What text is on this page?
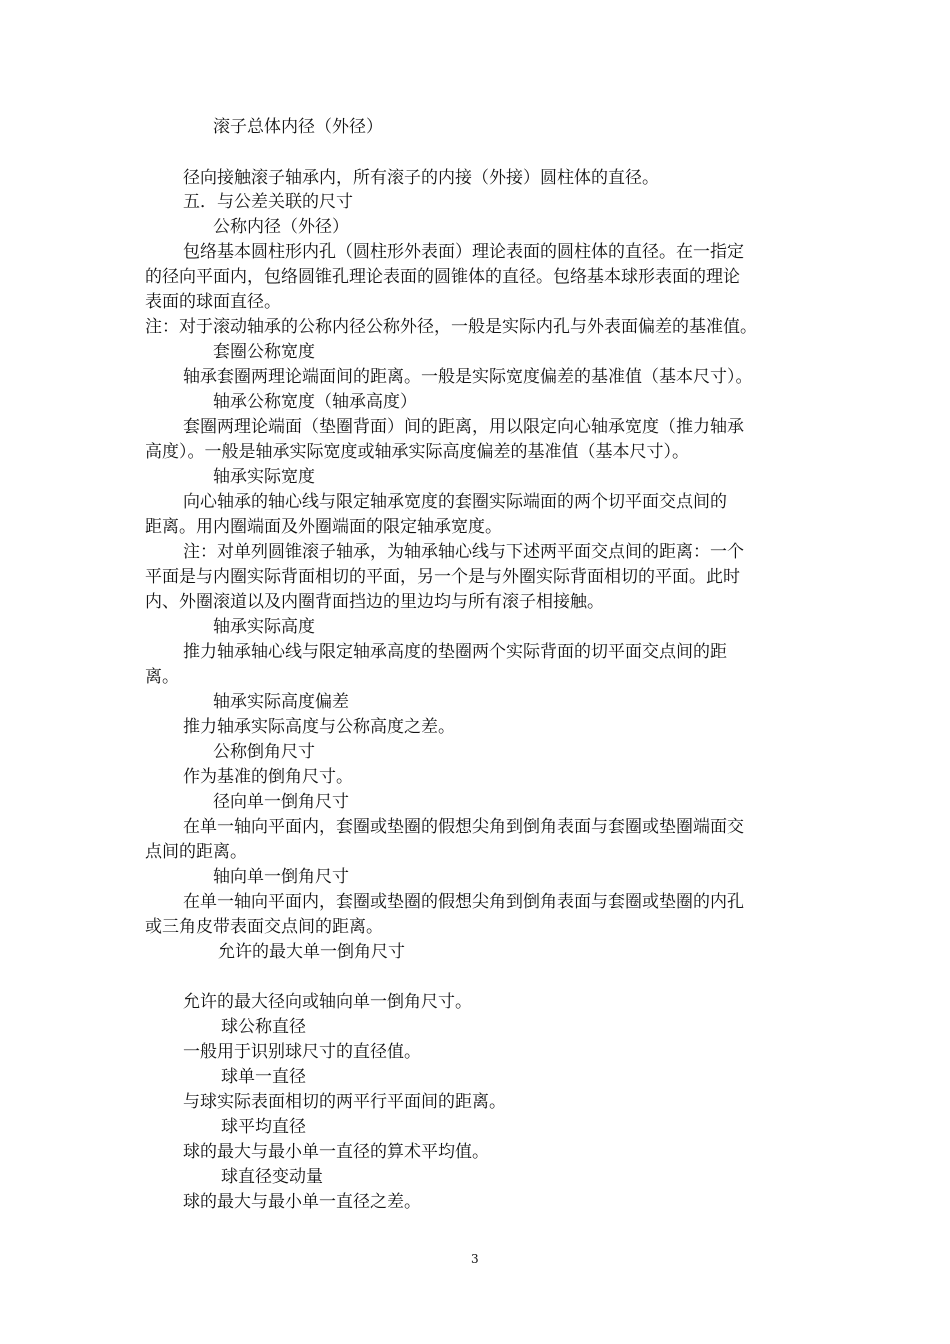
滚子总体内径（外径）
径向接触滚子轴承内，所有滚子的内接（外接）圆柱体的直径。
五．与公差关联的尺寸
公称内径（外径）
包络基本圆柱形内孔（圆柱形外表面）理论表面的圆柱体的直径。在一指定
的径向平面内，包络圆锥孔理论表面的圆锥体的直径。包络基本球形表面的理论
表面的球面直径。
注：对于滚动轴承的公称内径公称外径，一般是实际内孔与外表面偏差的基准值。
套圈公称宽度
轴承套圈两理论端面间的距离。一般是实际宽度偏差的基准值（基本尺寸）。
轴承公称宽度（轴承高度）
套圈两理论端面（垫圈背面）间的距离，用以限定向心轴承宽度（推力轴承
高度）。一般是轴承实际宽度或轴承实际高度偏差的基准值（基本尺寸）。
轴承实际宽度
向心轴承的轴心线与限定轴承宽度的套圈实际端面的两个切平面交点间的
距离。用内圈端面及外圈端面的限定轴承宽度。
注：对单列圆锥滚子轴承，为轴承轴心线与下述两平面交点间的距离：一个
平面是与内圈实际背面相切的平面，另一个是与外圈实际背面相切的平面。此时
内、外圈滚道以及内圈背面挡边的里边均与所有滚子相接触。
轴承实际高度
推力轴承轴心线与限定轴承高度的垫圈两个实际背面的切平面交点间的距
离。
轴承实际高度偏差
推力轴承实际高度与公称高度之差。
公称倒角尺寸
作为基准的倒角尺寸。
径向单一倒角尺寸
在单一轴向平面内，套圈或垫圈的假想尖角到倒角表面与套圈或垫圈端面交
点间的距离。
轴向单一倒角尺寸
在单一轴向平面内，套圈或垫圈的假想尖角到倒角表面与套圈或垫圈的内孔
或三角皮带表面交点间的距离。
允许的最大单一倒角尺寸
允许的最大径向或轴向单一倒角尺寸。
球公称直径
一般用于识别球尺寸的直径值。
球单一直径
与球实际表面相切的两平行平面间的距离。
球平均直径
球的最大与最小单一直径的算术平均值。
球直径变动量
球的最大与最小单一直径之差。
3
